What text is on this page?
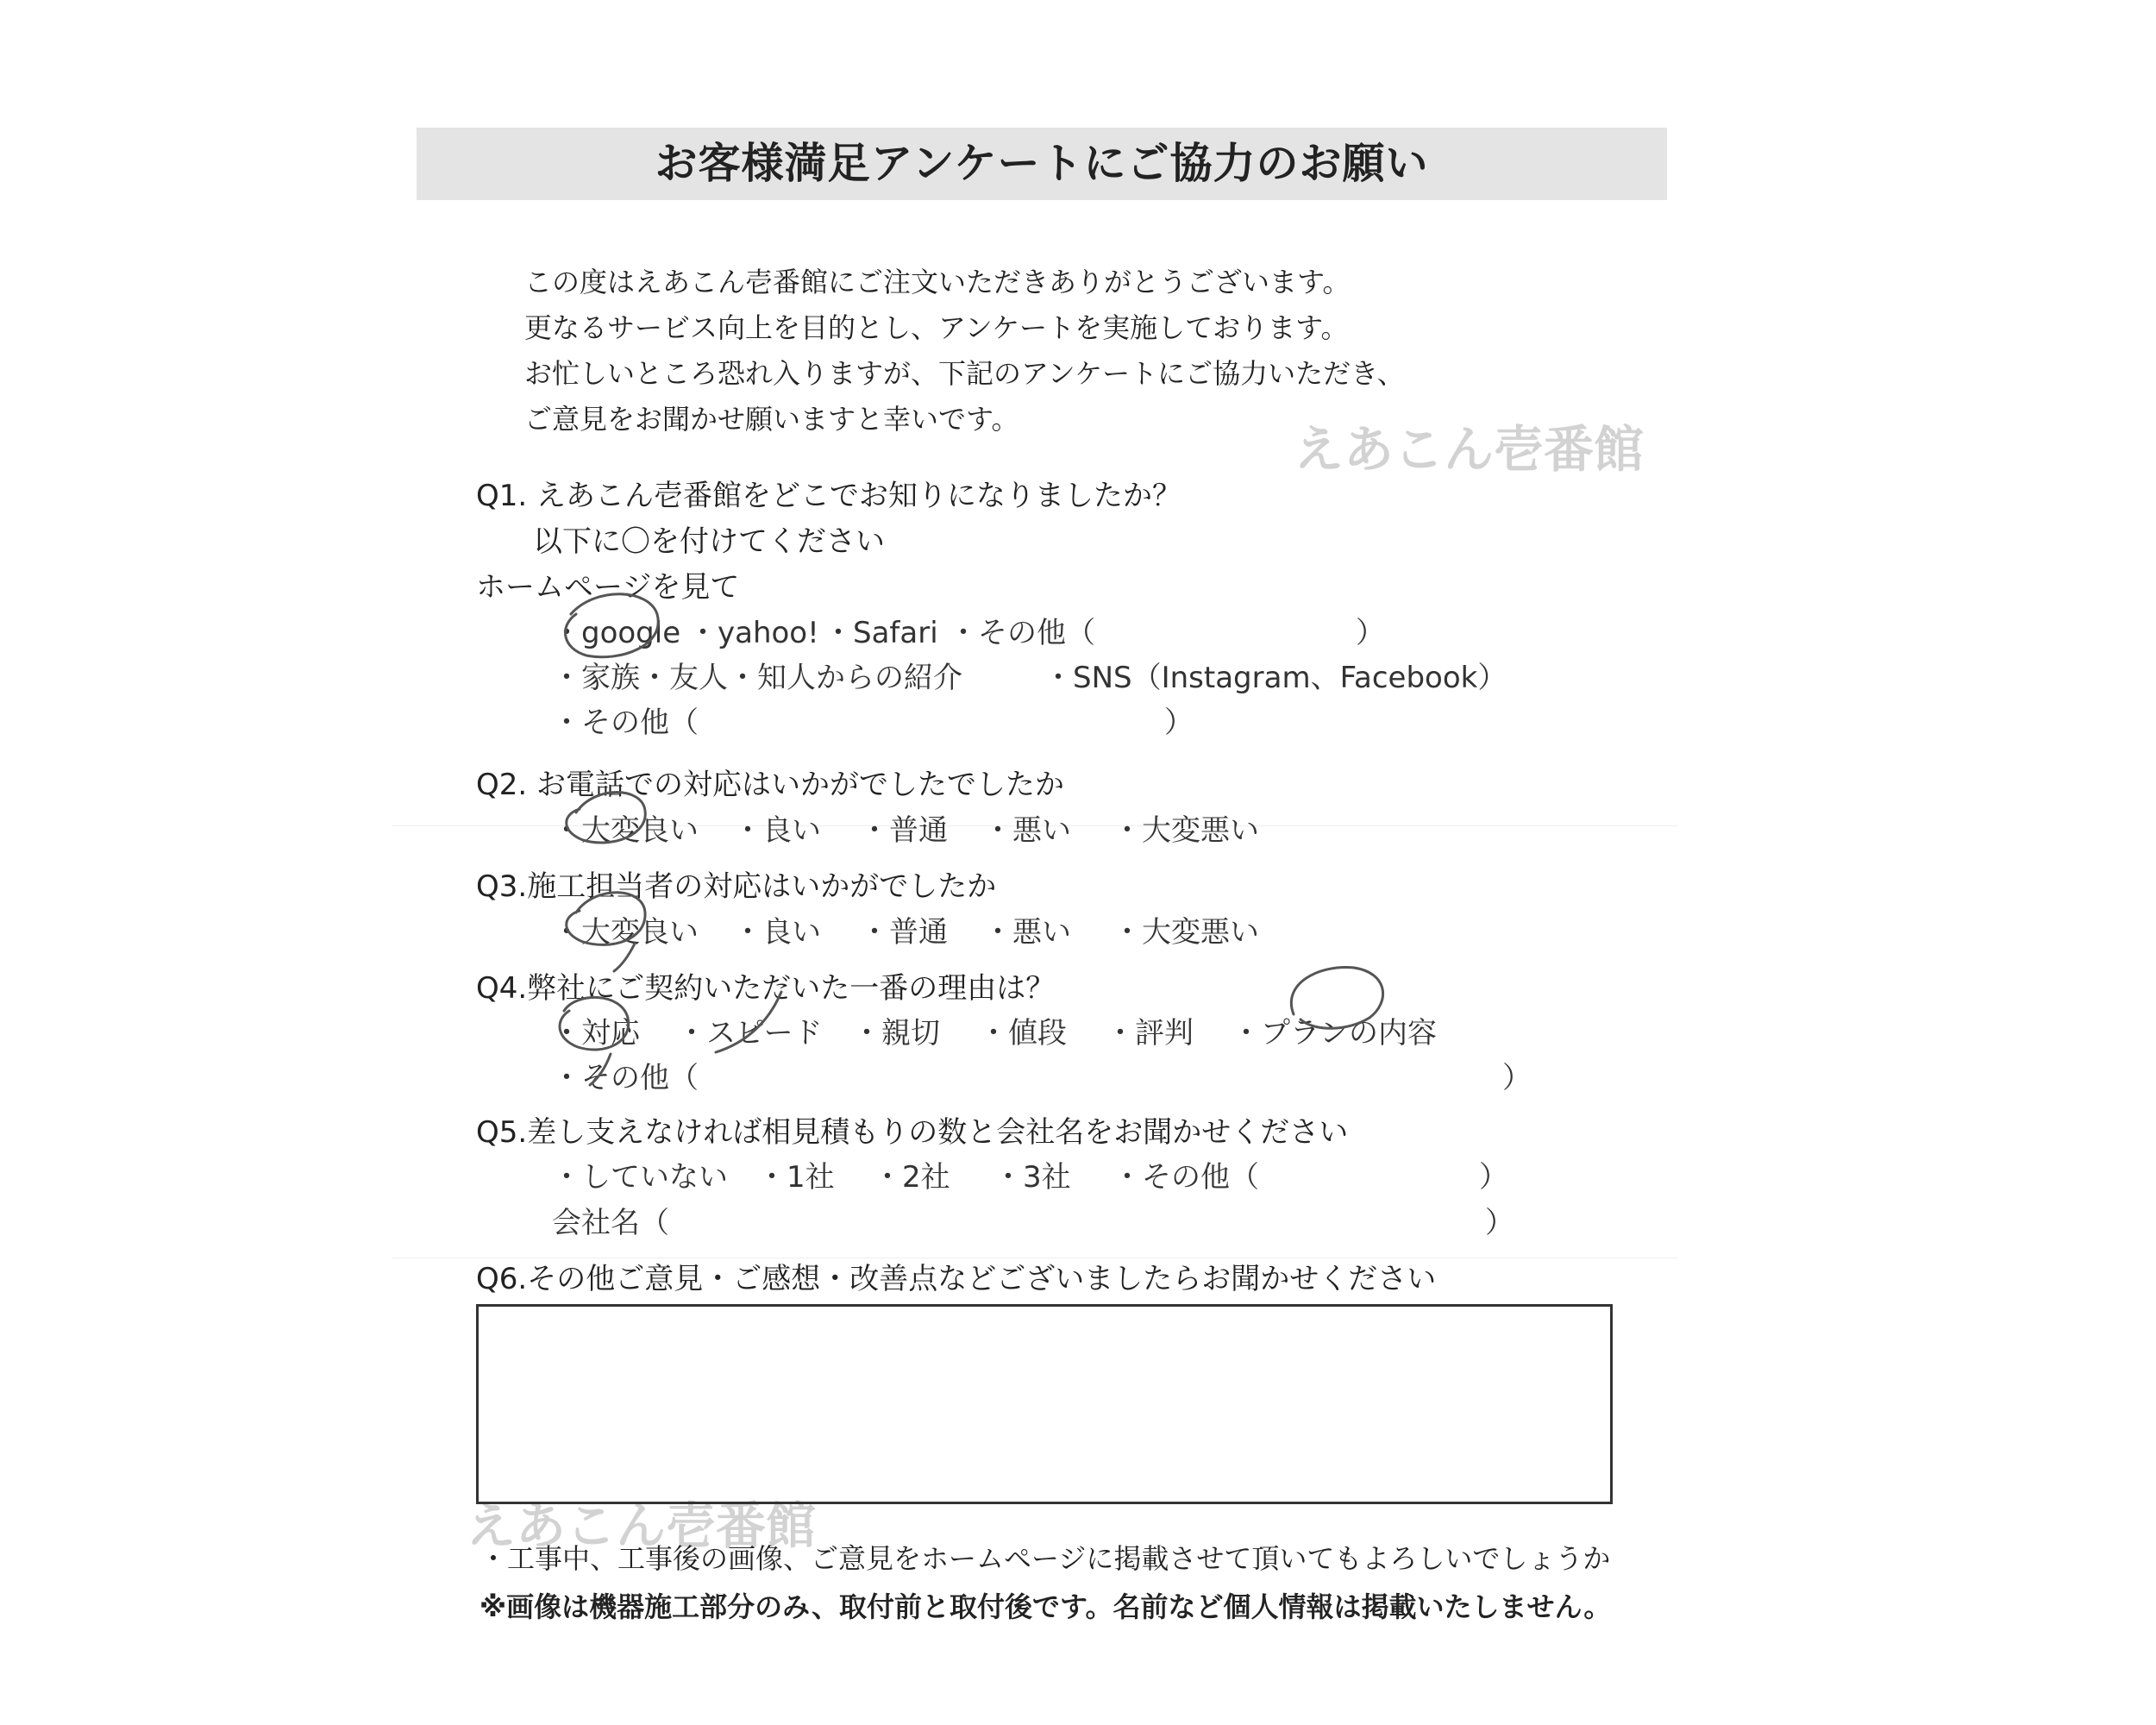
お客様満足アンケートにご協力のお願い
この度はえあこん壱番館にご注文いただきありがとうございます。
更なるサービス向上を目的とし、アンケートを実施しております。
お忙しいところ恐れ入りますが、下記のアンケートにご協力いただき、
ご意見をお聞かせ願いますと幸いです。
えあこん壱番館
えあこん壱番館
Q1. えあこん壱番館をどこでお知りになりましたか？
以下に〇を付けてください
ホームページを見て
・google ・yahoo! ・Safari ・その他（	）
・家族・友人・知人からの紹介	・SNS（Instagram、Facebook）
・その他（	）
Q2. お電話での対応はいかがでしたでしたか
・大変良い ・良い ・普通 ・悪い ・大変悪い
Q3.施工担当者の対応はいかがでしたか
・大変良い ・良い ・普通 ・悪い ・大変悪い
Q4.弊社にご契約いただいた一番の理由は？
・対応 ・スピード ・親切 ・値段 ・評判 ・プランの内容
・その他（	）
Q5.差し支えなければ相見積もりの数と会社名をお聞かせください
・していない ・1社 ・2社 ・3社 ・その他（	）
会社名（	）
Q6.その他ご意見・ご感想・改善点などございましたらお聞かせください
・工事中、工事後の画像、ご意見をホームページに掲載させて頂いてもよろしいでしょうか
※画像は機器施工部分のみ、取付前と取付後です。名前など個人情報は掲載いたしません。
